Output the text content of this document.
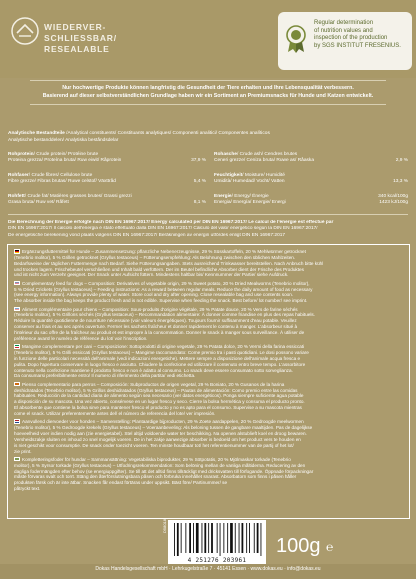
WIEDERVER-
SCHLIESSBAR/
RESEALABLE
Regular determination
of nutrition values and
inspection of the production
by SGS INSTITUT FRESENIUS.
Nur hochwertige Produkte können langfristig die Gesundheit der Tiere erhalten und Ihre Lebensqualität verbessern.
Basierend auf dieser selbstverständlichen Grundlage haben wir ein Sortiment an Premiumsnacks für Hunde und Katzen entwickelt.
Analytische Bestandteile /Analytical constituents/ Constituants analytiques/ Componenti analitici/ Componentes analíticos
Analytische bestanddelen/ Analytiska beståndsdelar
Rohprotein/ Crude protein/ Protéine brute
Proteina grezza/ Proteína bruta/ Ruw eiwit/ Råprotein	37,9 %
Rohfaser/ Crude fibres/ Cellulose brute
Fibre grezze/ Fibras brutas/ Ruwe celstof/ Växttråd	5,4 %
Rohfett/ Crude fat/ Matières grasses brutes/ Grassi grezzi
Grasa bruta/ Ruw vet/ Råfett	8,1 %
Rohasche/ Crude ash/ Cendres brutes
Ceneri grezze/ Ceniza bruta/ Ruwe as/ Råaska	2,9 %
Feuchtigkeit/ Moisture/ Humidité
Umidità/ Humedad/ Vocht/ Vatten	13,3 %
Energie/ Energy/ Énergie
Energia/ Energía/ Energie/ Energi
340 kcal/100g
1423 kJ/100g
Die Berechnung der Energie erfolgte nach DIN EN 16967:2017/ Energy calculated per DIN EN 16967:2017/ Le calcul de l'énergie est effectué par
DIN EN 16967:2017/ Il calcolo dell'energia è stato effettuato dalla DIN EN 16967:2017/ Cálculo del valor energético según la DIN EN 16967:2017/
De energetische berekening vond plaats volgens DIN EN 16967:2017/ Beräkningen av energin utfördes enligt DIN EN 16967:2017
Ergänzungsfuttermittel für Hunde – Zusammensetzung: pflanzliche Nebenerzeugnisse, 29 % Süsskartoffeln, 20 % Mehlwürmer getrocknet
(Tenebrio molitor), 5 % Grillen getrocknet (Gryllus testaceus) – Fütterungsempfehlung: Als Belohnung zwischen den üblichen Mahlzeiten.
Bedarfsweise der täglichen Futtermenge nach Bedarf. Siehe Fütterungsangaben. Stets ausreichend Trinkwasser bereitstellen. Nach Anbruch bitte kühl
und trocken lagern. Frischebeutel verschließen und Inhalt bald verfüttern. Der im Beutel befindliche Absorber dient der Frische des Produktes
und ist nicht zum Verzehr geeignet. Der Snack unter Aufsicht füttern. Mindestens haltbar bis/ Kennnummer der Partie/ siehe Aufdruck.
Complementary feed for dogs – Composition: Derivatives of vegetable origin, 29 % Sweet potato, 20 % Dried Mealworms (Tenebrio molitor),
5 % Dried Crickets (Gryllus testaceus) – Feeding instructions: As a reward between regular meals. Reduce the daily amount of food as necessary
(see energy information). Always provide plenty of water. Store cool and dry after opening. Close resealable bag and use contents soon.
The absorber inside the bag keeps the product fresh and is not edible. Supervise when feeding the snack. Best before/ lot number/ see imprint.
Aliment complémentaire pour chiens – Composition: Sous-produits d'origine végétale, 29 % Patate douce, 20 % Vers de farine séchés
(Tenebrio molitor), 5 % Grillons séchés (Gryllus testaceus) – Recommandation alimentaire: À donner comme friandise en plus des repas habituels.
Réduire la quantité quotidienne de nourriture nécessaire (voir valeurs énergétiques). Toujours fournir suffisamment d'eau potable. Veuillez
conserver au frais et au sec après ouverture. Fermer les sachets fraîcheur et donner rapidement le contenu à manger. L'absorbeur situé à
l'intérieur du sac offre de la fraîcheur au produit et est impropre à la consommation. Donner le snack à manger sous surveillance. À utiliser de
préférence avant/ le numéro de référence du lot/ voir l'inscription.
Mangime complementare per cani – Composizione: Sottoprodotti di origine vegetale, 29 % Patata dolce, 20 % Vermi della farina essiccati
(Tenebrio molitor), 5 % Grilli essiccati (Gryllus testaceus) – Mangime raccomandato: Come premio tra i pasti quotidiani. Le dosi possono variare
in funzione delle particolari necessità dell'animale (vedi indicazioni energetiche). Mettere sempre a disposizione dell'animale acqua fresca e
pulita. Dopo l'apertura conservare in luogo fresco e asciutto. Chiudere la confezione ed utilizzare il contenuto entro breve tempo. L'assorbitore
contenuto nella confezione mantiene il prodotto fresco e non è adatto al consumo. Lo snack deve essere consumato sotto sorveglianza.
Da consumarsi preferibilmente entro/ Il numero di riferimento della partita/ vedi etichetta.
Pienso complementario para perros – Composición: Subproductos de origen vegetal, 29 % Boniato, 20 % Gusanos de la harina
deshidratados (Tenebrio molitor), 5 % Grillos deshidratados (Gryllus testaceus) – Pautas de alimentación: Como premio entre las comidas
habituales. Reducción de la cantidad diaria de alimento según sea necesario (ver datos energéticos). Ponga siempre suficiente agua potable
a disposición de su mascota. Una vez abierto, consérvese en un lugar fresco y seco. Cierre la bolsa hermética y consuma el producto pronto.
El absorbente que contiene la bolsa sirve para mantener fresco el producto y no es apto para el consumo. Supervise a su mascota mientras
come el snack. Utilizar preferentemente antes del/ el número de referencia del lote/ ver impresión.
Aanvullend diervoeder voor honden – Samenstelling: Plantaardige bijproducten, 29 % Zoete aardappelen, 20 % Gedroogde meelwormen
(Tenebrio molitor), 5 % Gedroogde krekels (Gryllus testaceus) – Voeraanbeveling: Als beloning tussen de gangbare maaltijden. Pas de dagelijkse
hoeveelheid voer indien nodig aan (zie energietabel). Stel altijd voldoende water ter beschikking. Na openen alstublieft koel en droog bewaren.
Versheidszakje sluiten en inhoud zo snel mogelijk voeren. De in het zakje aanwezige absorber is bedoeld om het product vers te houden en
is niet geschikt voor consumptie. De snack onder toezicht voeren. Ten minste houdbaar tot/ het referentienummer van de partij of het lot/
zie print.
Kompletteringsfoder för hundar – Sammansättning: Vegetabiliska biprodukter, 29 % Sötpotatis, 20 % Mjölmaskar torkade (Tenebrio
molitor), 5 % Syrsor torkade (Gryllus testaceus) – Utfodringsrekommendation: Som belöning mellan de vanliga måltiderna. Reducering av den
dagliga fodermängden efter behov (se energiuppgifter). Se till att det alltid finns tillräckligt med dricksvatten till förfogande. Öppnade förpackningar
måste förvaras svalt och torrt. Stäng den återförslutningsbara påsen och förbruka innehållet snarast. Absorbatorn som finns i påsen håller
produkten färsk och är inte ätbar. Snacken får endast förtäras under uppsikt. Bäst före/ Partinummer/ se
påtryckt text.
4 251276 203961
D58018
100g ℮
Dokas Handelsgesellschaft mbH · Lehrkugelstraße 7 · 45141 Essen · www.dokas.eu · info@dokas.eu
